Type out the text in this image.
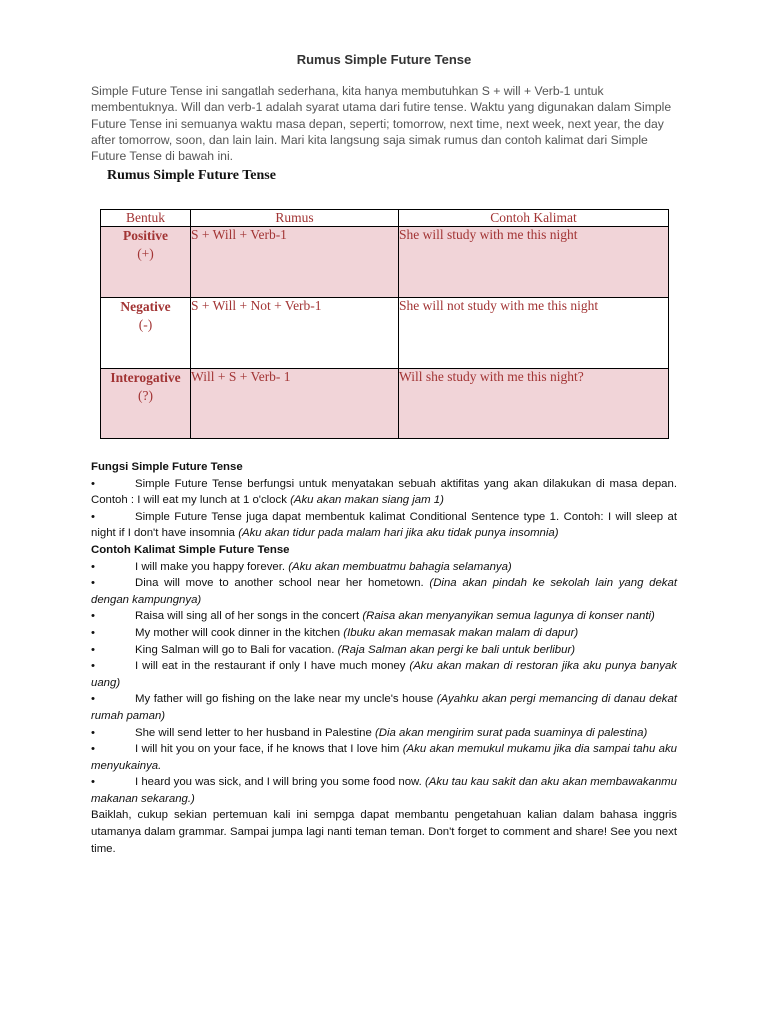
Rumus Simple Future Tense

Simple Future Tense ini sangatlah sederhana, kita hanya membutuhkan S + will + Verb-1 untuk membentuknya. Will dan verb-1 adalah syarat utama dari futire tense. Waktu yang digunakan dalam Simple Future Tense ini semuanya waktu masa depan, seperti; tomorrow, next time, next week, next year, the day after tomorrow, soon, dan lain lain. Mari kita langsung saja simak rumus dan contoh kalimat dari Simple Future Tense di bawah ini.

Rumus Simple Future Tense
Bentuk	Rumus	Contoh Kalimat
Positive
(+)	S + Will + Verb-1	She will study with me this night
Negative
(-)	S + Will + Not + Verb-1	She will not study with me this night
Interogative
(?)	Will + S + Verb- 1	Will she study with me this night?
Fungsi Simple Future Tense
•	Simple Future Tense berfungsi untuk menyatakan sebuah aktifitas yang akan dilakukan di masa depan. Contoh : I will eat my lunch at 1 o'clock (Aku akan makan siang jam 1)
•	Simple Future Tense juga dapat membentuk kalimat Conditional Sentence type 1. Contoh: I will sleep at night if I don't have insomnia (Aku akan tidur pada malam hari jika aku tidak punya insomnia)
Contoh Kalimat Simple Future Tense
•	I will make you happy forever. (Aku akan membuatmu bahagia selamanya)
•	Dina will move to another school near her hometown. (Dina akan pindah ke sekolah lain yang dekat dengan kampungnya)
•	Raisa will sing all of her songs in the concert (Raisa akan menyanyikan semua lagunya di konser nanti)
•	My mother will cook dinner in the kitchen (Ibuku akan memasak makan malam di dapur)
•	King Salman will go to Bali for vacation. (Raja Salman akan pergi ke bali untuk berlibur)
•	I will eat in the restaurant if only I have much money (Aku akan makan di restoran jika aku punya banyak uang)
•	My father will go fishing on the lake near my uncle's house (Ayahku akan pergi memancing di danau dekat rumah paman)
•	She will send letter to her husband in Palestine (Dia akan mengirim surat pada suaminya di palestina)
•	I will hit you on your face, if he knows that I love him (Aku akan memukul mukamu jika dia sampai tahu aku menyukainya.
•	I heard you was sick, and I will bring you some food now. (Aku tau kau sakit dan aku akan membawakanmu makanan sekarang.)
Baiklah, cukup sekian pertemuan kali ini sempga dapat membantu pengetahuan kalian dalam bahasa inggris utamanya dalam grammar. Sampai jumpa lagi nanti teman teman. Don't forget to comment and share! See you next time.
